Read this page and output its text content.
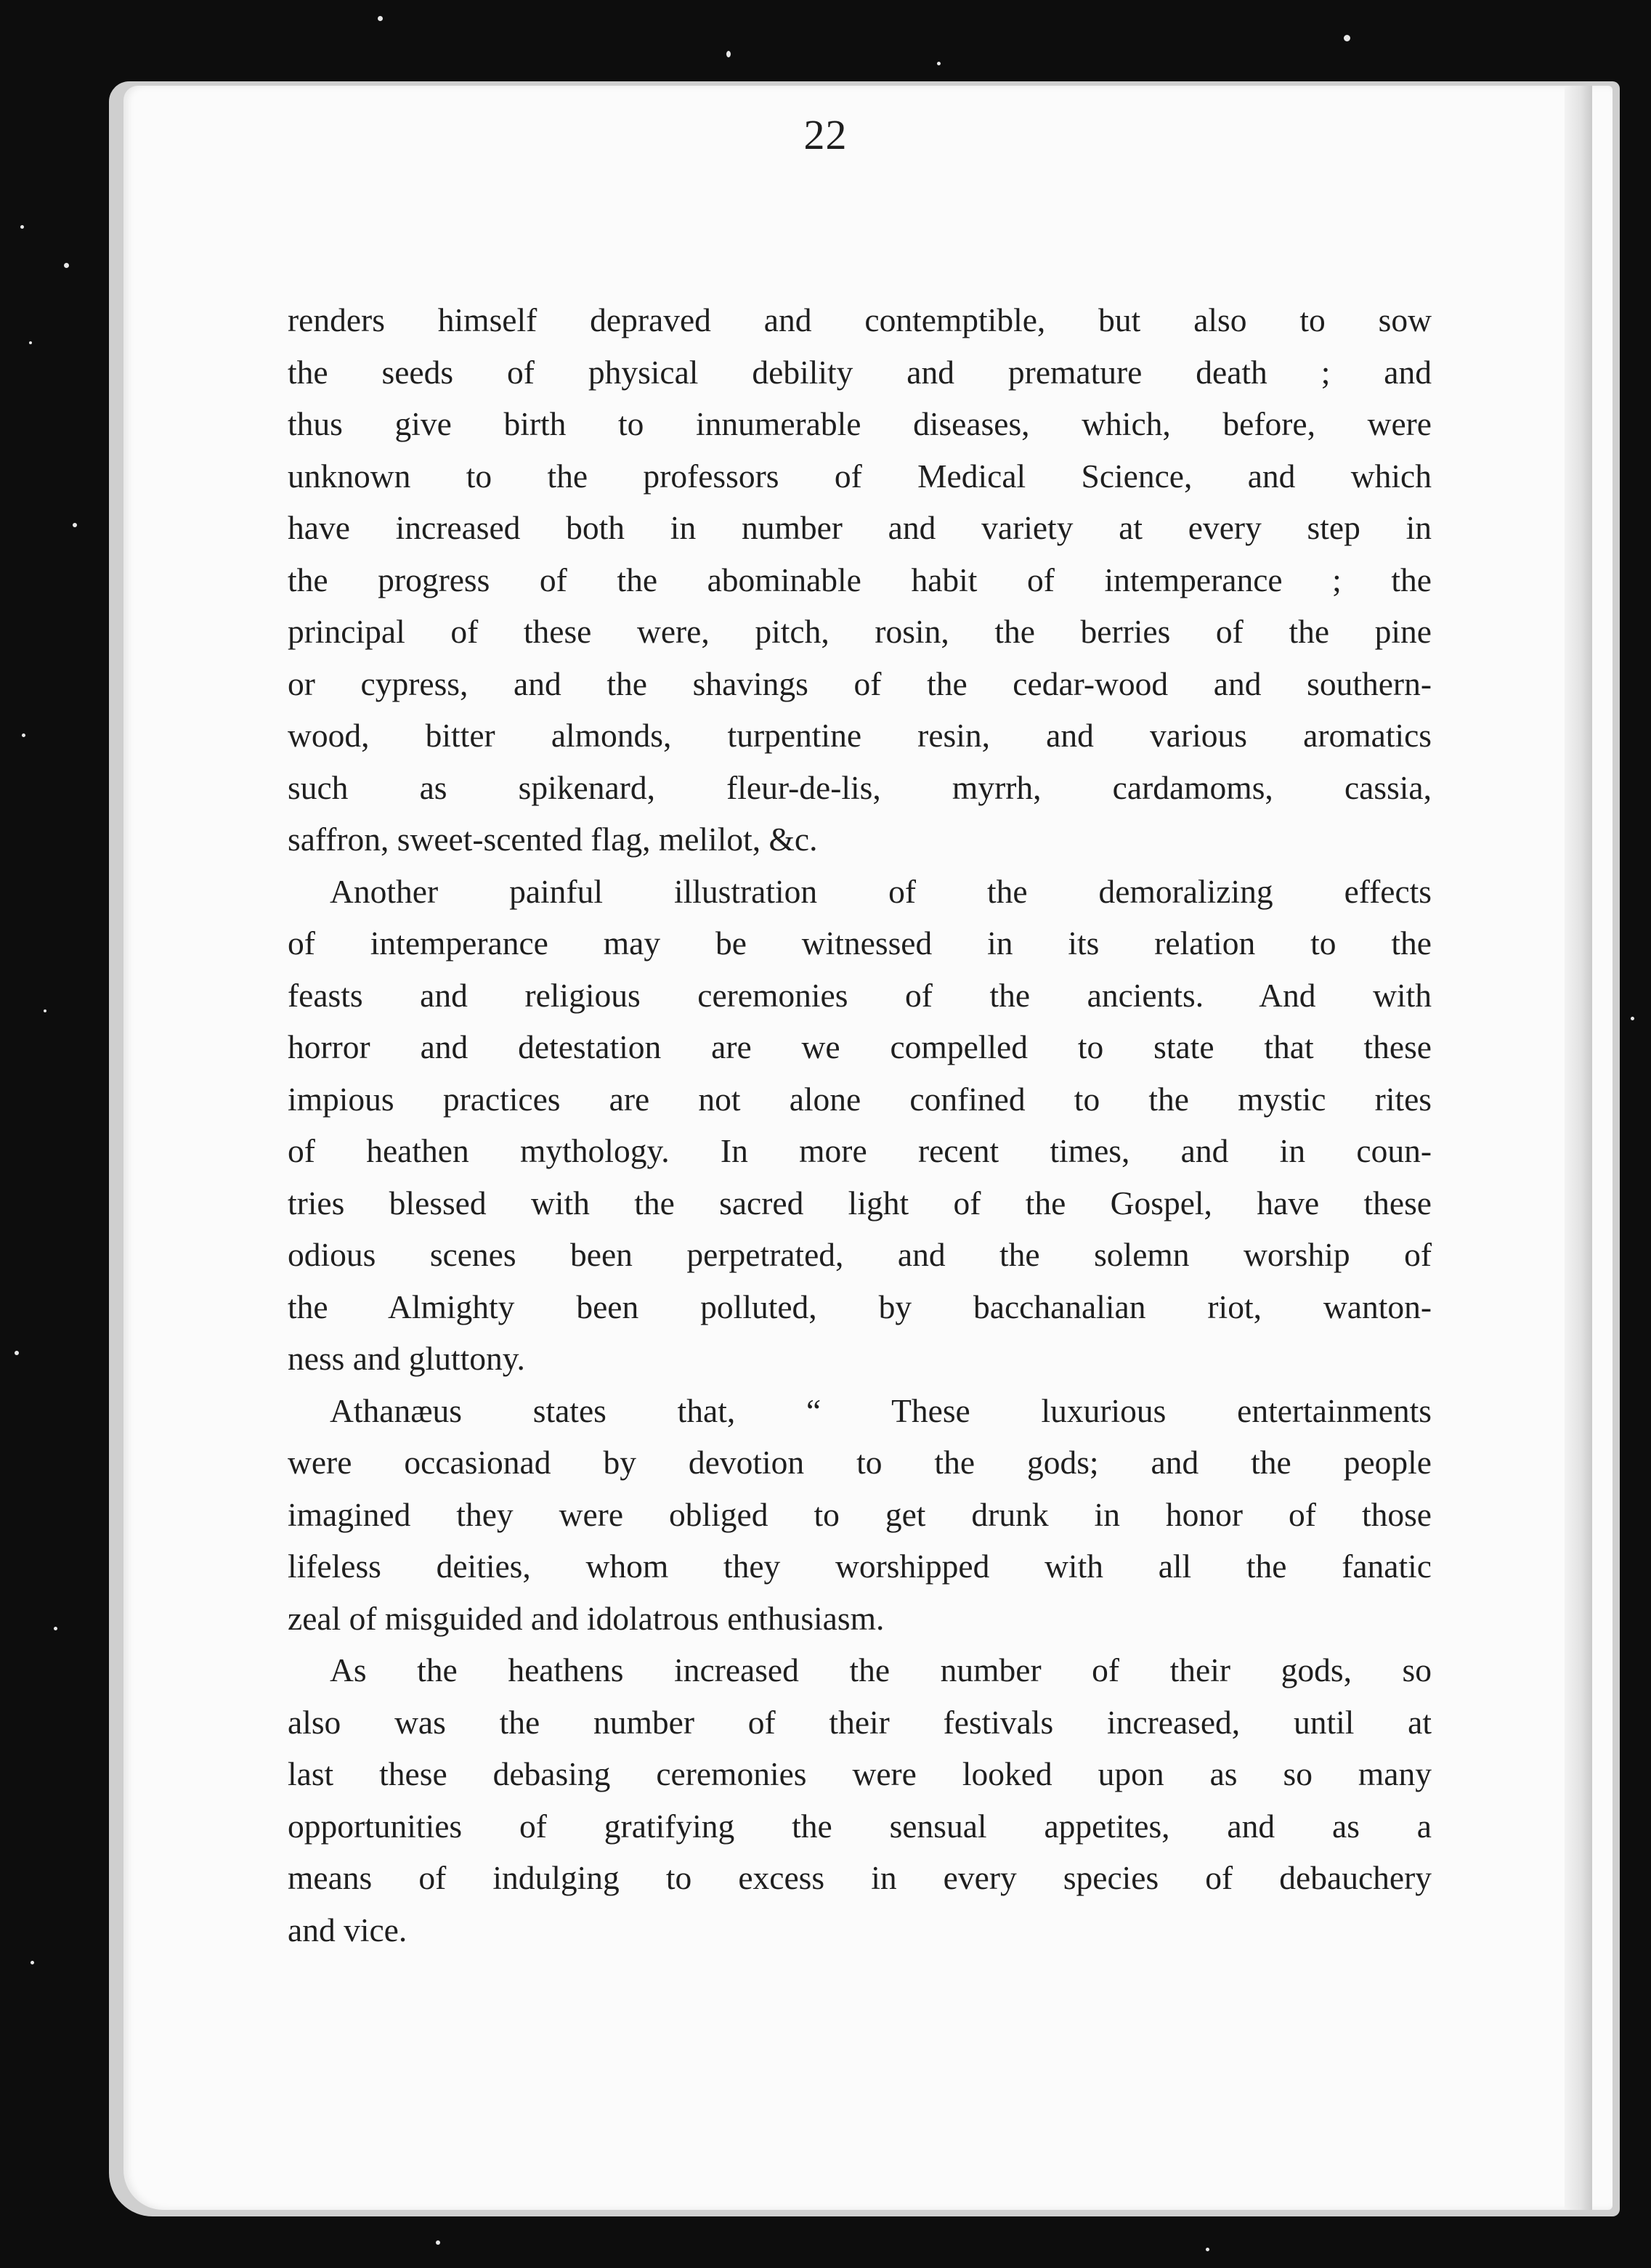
22
renders himself depraved and contemptible, but also to sow
the seeds of physical debility and premature death ; and
thus give birth to innumerable diseases, which, before, were
unknown to the professors of Medical Science, and which
have increased both in number and variety at every step in
the progress of the abominable habit of intemperance ; the
principal of these were, pitch, rosin, the berries of the pine
or cypress, and the shavings of the cedar-wood and southern-
wood, bitter almonds, turpentine resin, and various aromatics
such as spikenard, fleur-de-lis, myrrh, cardamoms, cassia,
saffron, sweet-scented flag, melilot, &c.
Another painful illustration of the demoralizing effects
of intemperance may be witnessed in its relation to the
feasts and religious ceremonies of the ancients. And with
horror and detestation are we compelled to state that these
impious practices are not alone confined to the mystic rites
of heathen mythology. In more recent times, and in coun-
tries blessed with the sacred light of the Gospel, have these
odious scenes been perpetrated, and the solemn worship of
the Almighty been polluted, by bacchanalian riot, wanton-
ness and gluttony.
Athanæus states that, “ These luxurious entertainments
were occasionad by devotion to the gods; and the people
imagined they were obliged to get drunk in honor of those
lifeless deities, whom they worshipped with all the fanatic
zeal of misguided and idolatrous enthusiasm.
As the heathens increased the number of their gods, so
also was the number of their festivals increased, until at
last these debasing ceremonies were looked upon as so many
opportunities of gratifying the sensual appetites, and as a
means of indulging to excess in every species of debauchery
and vice.
